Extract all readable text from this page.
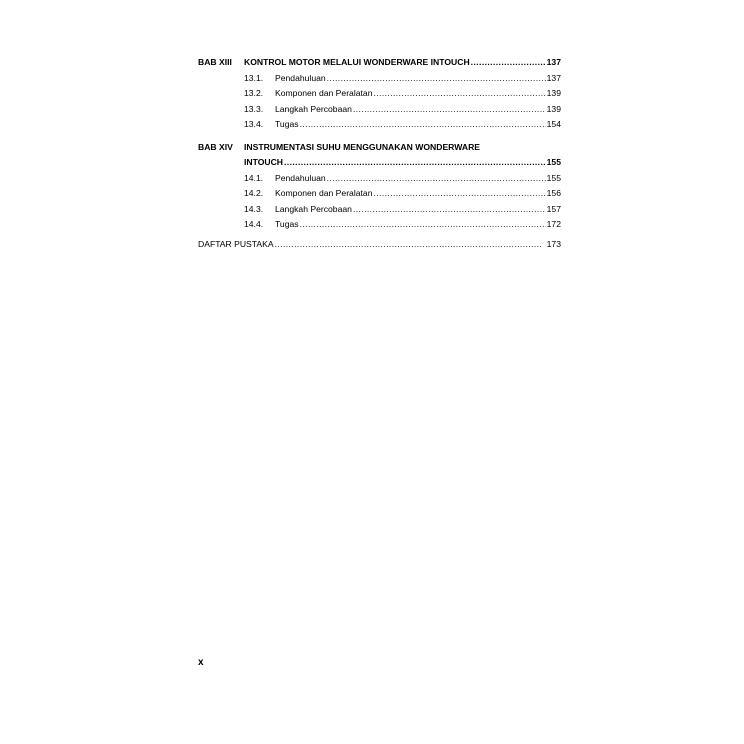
BAB XIII	KONTROL MOTOR MELALUI WONDERWARE INTOUCH .....	137
13.1.	Pendahuluan .....	137
13.2.	Komponen dan Peralatan .....	139
13.3.	Langkah Percobaan .....	139
13.4.	Tugas .....	154
BAB XIV	INSTRUMENTASI SUHU MENGGUNAKAN WONDERWARE
INTOUCH .....	155
14.1.	Pendahuluan .....	155
14.2.	Komponen dan Peralatan .....	156
14.3.	Langkah Percobaan .....	157
14.4.	Tugas .....	172
DAFTAR PUSTAKA .....	173
x
